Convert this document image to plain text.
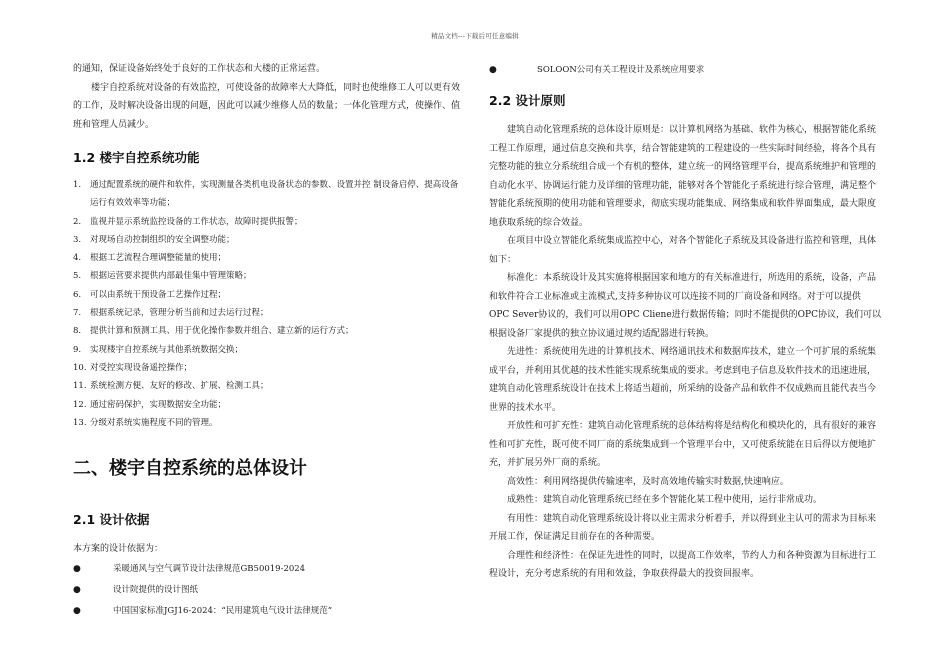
精品文档---下载后可任意编辑

的通知，保证设备始终处于良好的工作状态和大楼的正常运营。

楼宇自控系统对设备的有效监控，可使设备的故障率大大降低，同时也使维修工人可以更有效的工作，及时解决设备出现的问题，因此可以减少维修人员的数量；一体化管理方式，使操作、值班和管理人员减少。

1.2 楼宇自控系统功能

1.	通过配置系统的硬件和软件，实现测量各类机电设备状态的参数、设置并控 制设备启停、提高设备运行有效效率等功能；
2.	监视并显示系统监控设备的工作状态，故障时提供报警；
3.	对现场自动控制组织的安全调整功能；
4.	根据工艺流程合理调整能量的使用；
5.	根据运营要求提供内部最佳集中管理策略；
6.	可以由系统干预设备工艺操作过程；
7.	根据系统记录，管理分析当前和过去运行过程；
8.	提供计算和预测工具、用于优化操作参数并组合、建立新的运行方式；
9.	实现楼宇自控系统与其他系统数据交换；
10. 对受控实现设备遥控操作；
11. 系统检测方便、友好的修改、扩展、检测工具；
12. 通过密码保护，实现数据安全功能；
13. 分级对系统实施程度不同的管理。

二、楼宇自控系统的总体设计

2.1 设计依据

本方案的设计依据为：

●	采暖通风与空气调节设计法律规范GB50019-2024
●	设计院提供的设计图纸
●	中国国家标准JGJ16-2024：“民用建筑电气设计法律规范”
●	SOLOON公司有关工程设计及系统应用要求

2.2 设计原则

建筑自动化管理系统的总体设计原则是：以计算机网络为基础、软件为核心，根据智能化系统工程工作原理，通过信息交换和共享，结合智能建筑的工程建设的一些实际时间经验，将各个具有完整功能的独立分系统组合成一个有机的整体，建立统一的网络管理平台，提高系统维护和管理的自动化水平、协调运行能力及详细的管理功能，能够对各个智能化子系统进行综合管理，满足整个智能化系统预期的使用功能和管理要求，彻底实现功能集成、网络集成和软件界面集成，最大限度地获取系统的综合效益。

在项目中设立智能化系统集成监控中心，对各个智能化子系统及其设备进行监控和管理，具体如下：

标准化：本系统设计及其实施将根据国家和地方的有关标准进行，所选用的系统，设备，产品和软件符合工业标准或主流模式,支持多种协议可以连接不同的厂商设备和网络。对于可以提供OPC Sever协议的，我们可以用OPC Cliene进行数据传输；同时不能提供的OPC协议，我们可以根据设备厂家提供的独立协议通过规约适配器进行转换。

先进性：系统使用先进的计算机技术、网络通讯技术和数据库技术，建立一个可扩展的系统集成平台，并利用其优越的技术性能实现系统集成的要求。考虑到电子信息及软件技术的迅速进展，建筑自动化管理系统设计在技术上将适当超前，所采纳的设备产品和软件不仅成熟而且能代表当今世界的技术水平。

开放性和可扩充性：建筑自动化管理系统的总体结构将是结构化和模块化的，具有很好的兼容性和可扩充性，既可使不同厂商的系统集成到一个管理平台中，又可使系统能在日后得以方便地扩充，并扩展另外厂商的系统。

高效性：利用网络提供传输速率，及时高效地传输实时数据,快速响应。

成熟性：建筑自动化管理系统已经在多个智能化某工程中使用，运行非常成功。

有用性：建筑自动化管理系统设计将以业主需求分析着手，并以得到业主认可的需求为目标来开展工作，保证满足目前存在的各种需要。

合理性和经济性：在保证先进性的同时，以提高工作效率，节约人力和各种资源为目标进行工程设计，充分考虑系统的有用和效益，争取获得最大的投资回报率。
